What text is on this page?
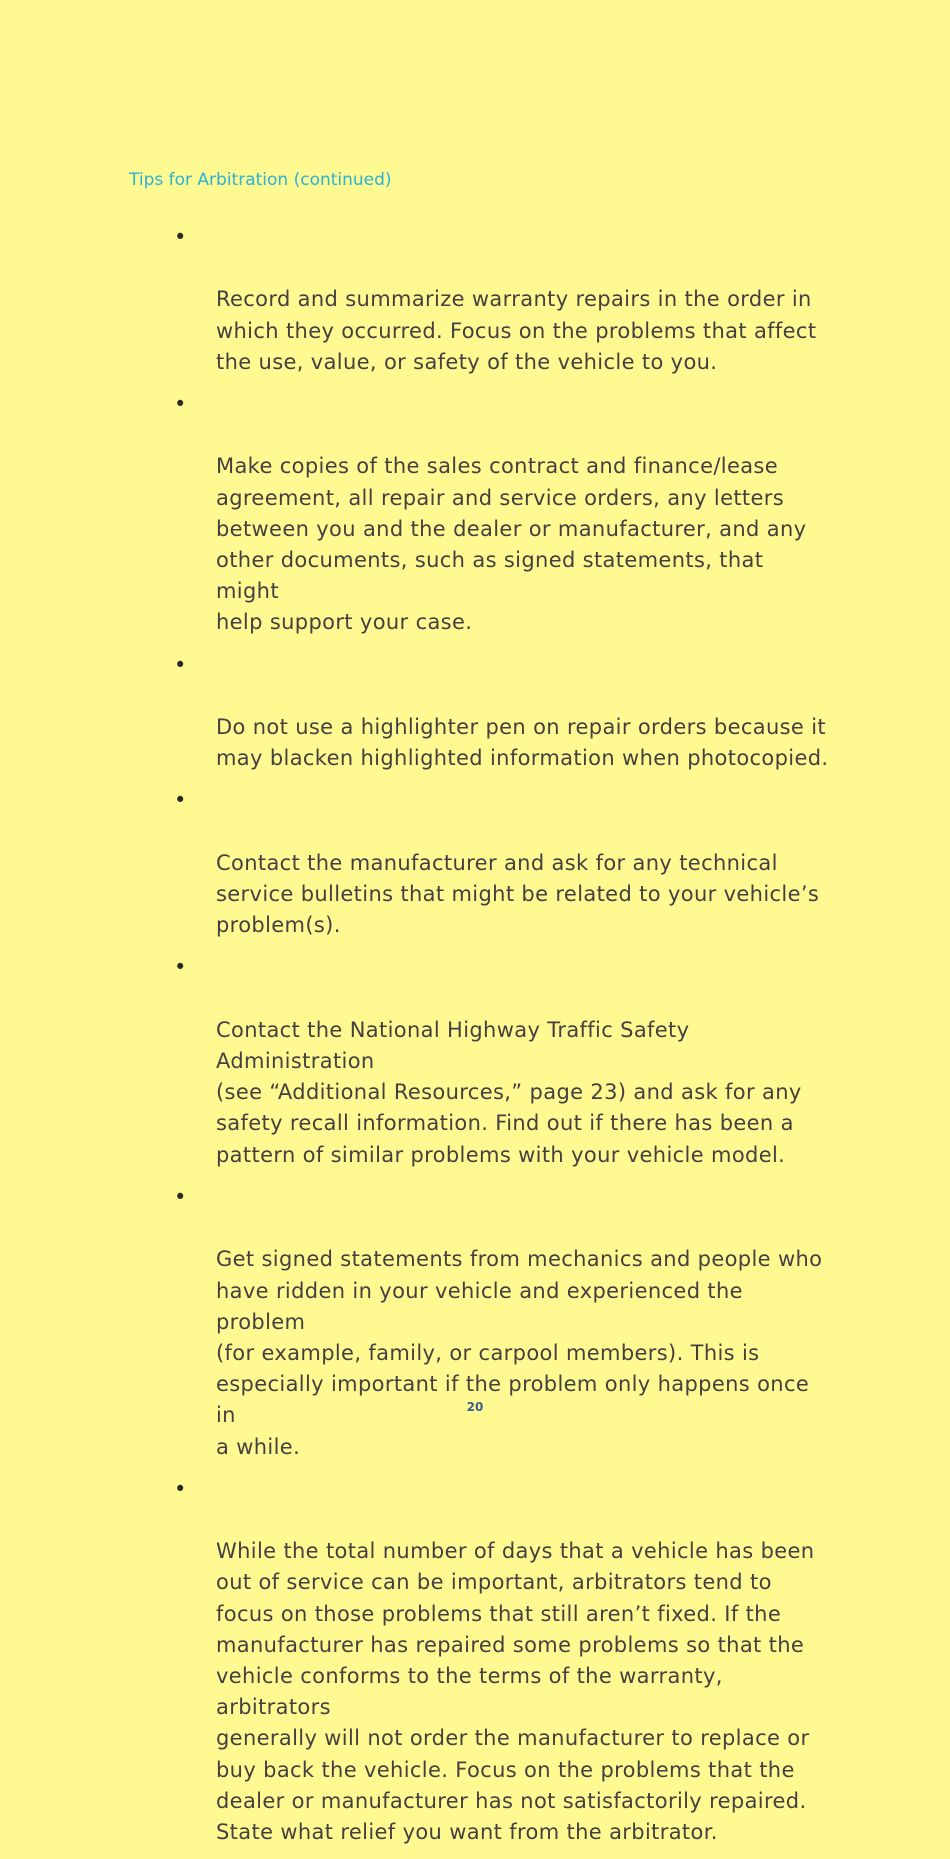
Tips for Arbitration (continued)

•

Record and summarize warranty repairs in the order in
which they occurred. Focus on the problems that affect
the use, value, or safety of the vehicle to you.

•

Make copies of the sales contract and finance/lease
agreement, all repair and service orders, any letters
between you and the dealer or manufacturer, and any
other documents, such as signed statements, that might
help support your case.

•

Do not use a highlighter pen on repair orders because it
may blacken highlighted information when photocopied.

•

Contact the manufacturer and ask for any technical
service bulletins that might be related to your vehicle’s
problem(s).

•

Contact the National Highway Traffic Safety Administration
(see “Additional Resources,” page 23) and ask for any
safety recall information. Find out if there has been a
pattern of similar problems with your vehicle model.

•

Get signed statements from mechanics and people who
have ridden in your vehicle and experienced the problem
(for example, family, or carpool members). This is
especially important if the problem only happens once in
a while.

•

While the total number of days that a vehicle has been
out of service can be important, arbitrators tend to
focus on those problems that still aren’t fixed. If the
manufacturer has repaired some problems so that the
vehicle conforms to the terms of the warranty, arbitrators
generally will not order the manufacturer to replace or
buy back the vehicle. Focus on the problems that the
dealer or manufacturer has not satisfactorily repaired.
State what relief you want from the arbitrator.

20
